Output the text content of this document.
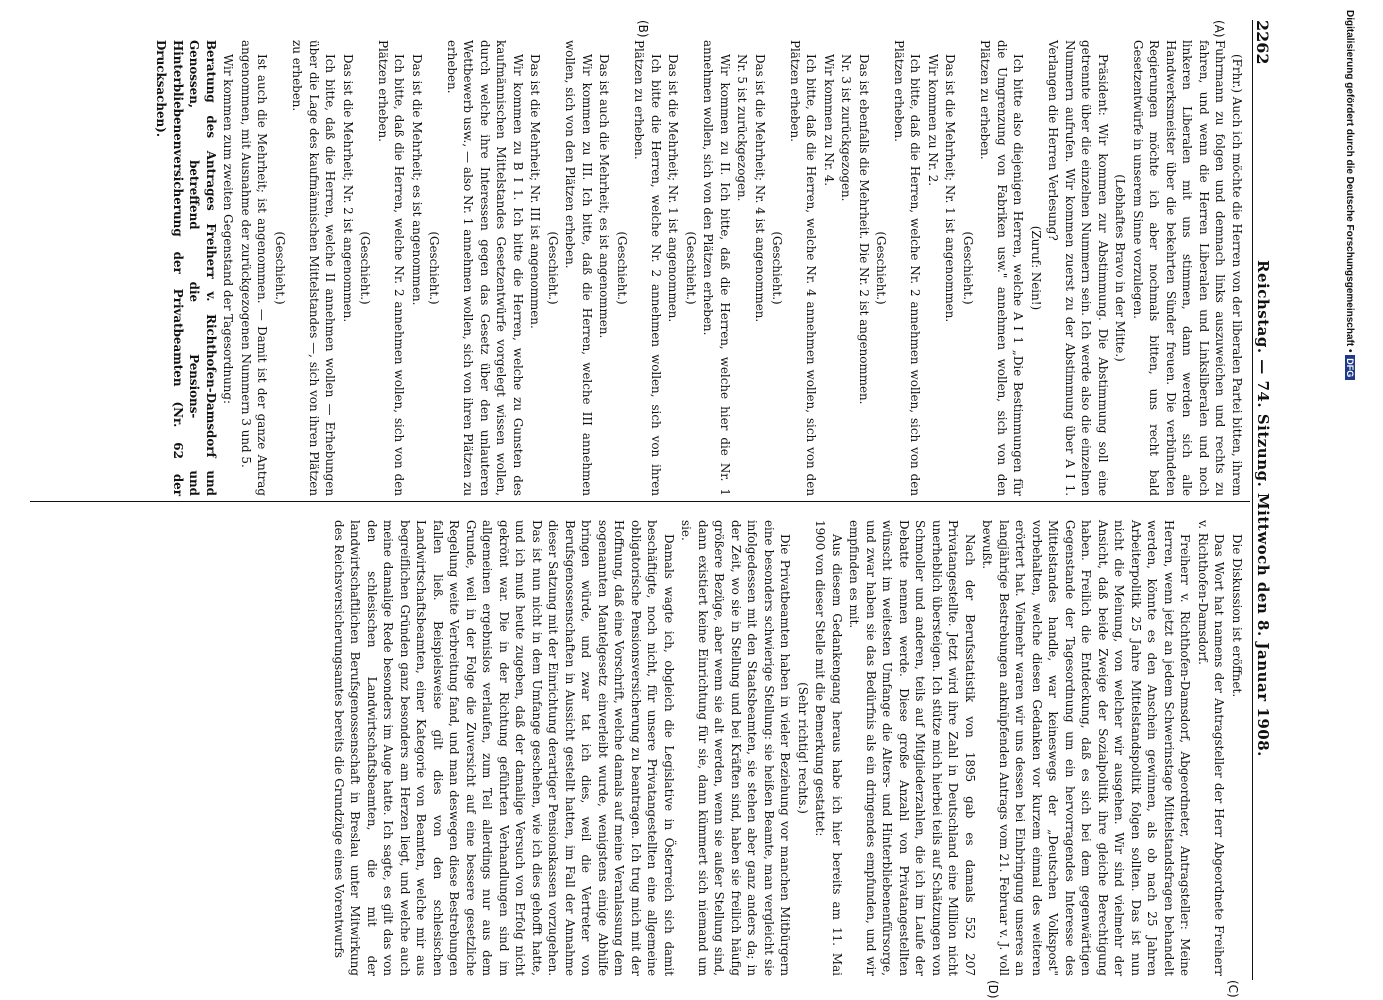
2262
Reichstag. — 74. Sitzung. Mittwoch den 8. Januar 1908.
(A)
(B)
(C)
(D)

(Frhr.) Auch ich möchte die Herren von der liberalen Partei bitten, ihrem Fuhrmann zu folgen und demnach links auszuweichen und rechts zu fahren, und wenn die Herren Liberalen und Linksliberalen und noch linkeren Liberalen mit uns stimmen, dann werden sich alle Handwerksmeister über die bekehrten Sünder freuen. Die verbündeten Regierungen möchte ich aber nochmals bitten, uns recht bald Gesetzentwürfe in unserem Sinne vorzulegen.

(Lebhaftes Bravo in der Mitte.)

Präsident: Wir kommen zur Abstimmung. Die Abstimmung soll eine getrennte über die einzelnen Nummern sein. Ich werde also die einzelnen Nummern aufrufen. Wir kommen zuerst zu der Abstimmung über A I 1. Verlangen die Herren Verlesung?

(Zuruf: Nein!)

Ich bitte also diejenigen Herren, welche A I 1 „Die Bestimmungen für die Umgrenzung von Fabriken usw." annehmen wollen, sich von den Plätzen zu erheben.

(Geschieht.)

Das ist die Mehrheit; Nr. 1 ist angenommen.

Wir kommen zu Nr. 2.

Ich bitte, daß die Herren, welche Nr. 2 annehmen wollen, sich von den Plätzen erheben.

(Geschieht.)

Das ist ebenfalls die Mehrheit. Die Nr. 2 ist angenommen.

Nr. 3 ist zurückgezogen.

Wir kommen zu Nr. 4.

Ich bitte, daß die Herren, welche Nr. 4 annehmen wollen, sich von den Plätzen erheben.

(Geschieht.)

Das ist die Mehrheit; Nr. 4 ist angenommen.

Nr. 5 ist zurückgezogen.

Wir kommen zu II. Ich bitte, daß die Herren, welche hier die Nr. 1 annehmen wollen, sich von den Plätzen erheben.

(Geschieht.)

Das ist die Mehrheit; Nr. 1 ist angenommen.

Ich bitte die Herren, welche Nr. 2 annehmen wollen, sich von ihren Plätzen zu erheben.

(Geschieht.)

Das ist auch die Mehrheit; es ist angenommen.

Wir kommen zu III. Ich bitte, daß die Herren, welche III annehmen wollen, sich von den Plätzen erheben.

(Geschieht.)

Das ist die Mehrheit; Nr. III ist angenommen.

Wir kommen zu B I 1. Ich bitte die Herren, welche zu Gunsten des kaufmännischen Mittelstandes Gesetzentwürfe vorgelegt wissen wollen, durch welche ihre Interessen gegen das Gesetz über den unlauteren Wettbewerb usw., — also Nr. 1 annehmen wollen, sich von ihren Plätzen zu erheben.

(Geschieht.)

Das ist die Mehrheit; es ist angenommen.

Ich bitte, daß die Herren, welche Nr. 2 annehmen wollen, sich von den Plätzen erheben.

(Geschieht.)

Das ist die Mehrheit; Nr. 2 ist angenommen.

Ich bitte, daß die Herren, welche II annehmen wollen — Erhebungen über die Lage des kaufmännischen Mittelstandes —, sich von ihren Plätzen zu erheben.

(Geschieht.)

Ist auch die Mehrheit; ist angenommen. — Damit ist der ganze Antrag angenommen, mit Ausnahme der zurückgezogenen Nummern 3 und 5.

Wir kommen zum zweiten Gegenstand der Tagesordnung:

Beratung des Antrages Freiherr v. Richthofen-Damsdorf und Genossen, betreffend die Pensions- und Hinterbliebenenversicherung der Privatbeamten (Nr. 62 der Drucksachen).

Die Diskussion ist eröffnet.

Das Wort hat namens der Antragsteller der Herr Abgeordnete Freiherr v. Richthofen-Damsdorf.

Freiherr v. Richthofen-Damsdorf, Abgeordneter, Antragsteller: Meine Herren, wenn jetzt an jedem Schwerinstage Mittelstandsfragen behandelt werden, könnte es den Anschein gewinnen, als ob nach 25 Jahren Arbeiterpolitik 25 Jahre Mittelstandspolitik folgen sollten. Das ist nun nicht die Meinung, von welcher wir ausgehen. Wir sind vielmehr der Ansicht, daß beide Zweige der Sozialpolitik ihre gleiche Berechtigung haben. Freilich die Entdeckung, daß es sich bei dem gegenwärtigen Gegenstande der Tagesordnung um ein hervorragendes Interesse des Mittelstandes handle, war keineswegs der „Deutschen Volkspost" vorbehalten, welche diesen Gedanken vor kurzem einmal des weiteren erörtert hat. Vielmehr waren wir uns dessen bei Einbringung unseres an langjährige Bestrebungen anknüpfenden Antrags vom 21. Februar v. J. voll bewußt.

Nach der Berufsstatistik von 1895 gab es damals 552 207 Privatangestellte. Jetzt wird ihre Zahl in Deutschland eine Million nicht unerheblich übersteigen. Ich stütze mich hierbei teils auf Schätzungen von Schmoller und anderen, teils auf Mitgliederzahlen, die ich im Laufe der Debatte nennen werde. Diese große Anzahl von Privatangestellten wünscht im weitesten Umfange die Alters- und Hinterbliebenenfürsorge, und zwar haben sie das Bedürfnis als ein dringendes empfunden, und wir empfinden es mit.

Aus diesem Gedankengang heraus habe ich hier bereits am 11. Mai 1900 von dieser Stelle mit die Bemerkung gestattet:

(Sehr richtig! rechts.)

Die Privatbeamten haben in vieler Beziehung vor manchen Mitbürgern eine besonders schwierige Stellung: sie heißen Beamte, man vergleicht sie infolgedessen mit den Staatsbeamten, sie stehen aber ganz anders da; in der Zeit, wo sie in Stellung und bei Kräften sind, haben sie freilich häufig größere Bezüge, aber wenn sie alt werden, wenn sie außer Stellung sind, dann existiert keine Einrichtung für sie, dann kümmert sich niemand um sie.

Damals wagte ich, obgleich die Legislative in Österreich sich damit beschäftigte, noch nicht, für unsere Privatangestellten eine allgemeine obligatorische Pensionsversicherung zu beantragen. Ich trug mich mit der Hoffnung, daß eine Vorschrift, welche damals auf meine Veranlassung dem sogenannten Mantelgesetz einverleibt wurde, wenigstens einige Abhilfe bringen würde, und zwar tat ich dies, weil die Vertreter von Berufsgenossenschaften in Aussicht gestellt hatten, im Fall der Annahme dieser Satzung mit der Einrichtung derartiger Pensionskassen vorzugehen. Das ist nun nicht in dem Umfange geschehen, wie ich dies gehofft hatte, und ich muß heute zugeben, daß der damalige Versuch von Erfolg nicht gekrönt war. Die in der Richtung geführten Verhandlungen sind im allgemeinen ergebnislos verlaufen, zum Teil allerdings nur aus dem Grunde, weil in der Folge die Zuversicht auf eine bessere gesetzliche Regelung weite Verbreitung fand, und man deswegen diese Bestrebungen fallen ließ. Beispielsweise gilt dies von den schlesischen Landwirtschaftsbeamten, einer Kategorie von Beamten, welche mir aus begreiflichen Gründen ganz besonders am Herzen liegt, und welche auch meine damalige Rede besonders im Auge hatte. Ich sagte, es gilt das von den schlesischen Landwirtschaftsbeamten, die mit der landwirtschaftlichen Berufsgenossenschaft in Breslau unter Mitwirkung des Reichsversicherungsamtes bereits die Grundzüge eines Vorentwurfs

Digitalisierung gefördert durch die Deutsche Forschungsgemeinschaft • DFG
